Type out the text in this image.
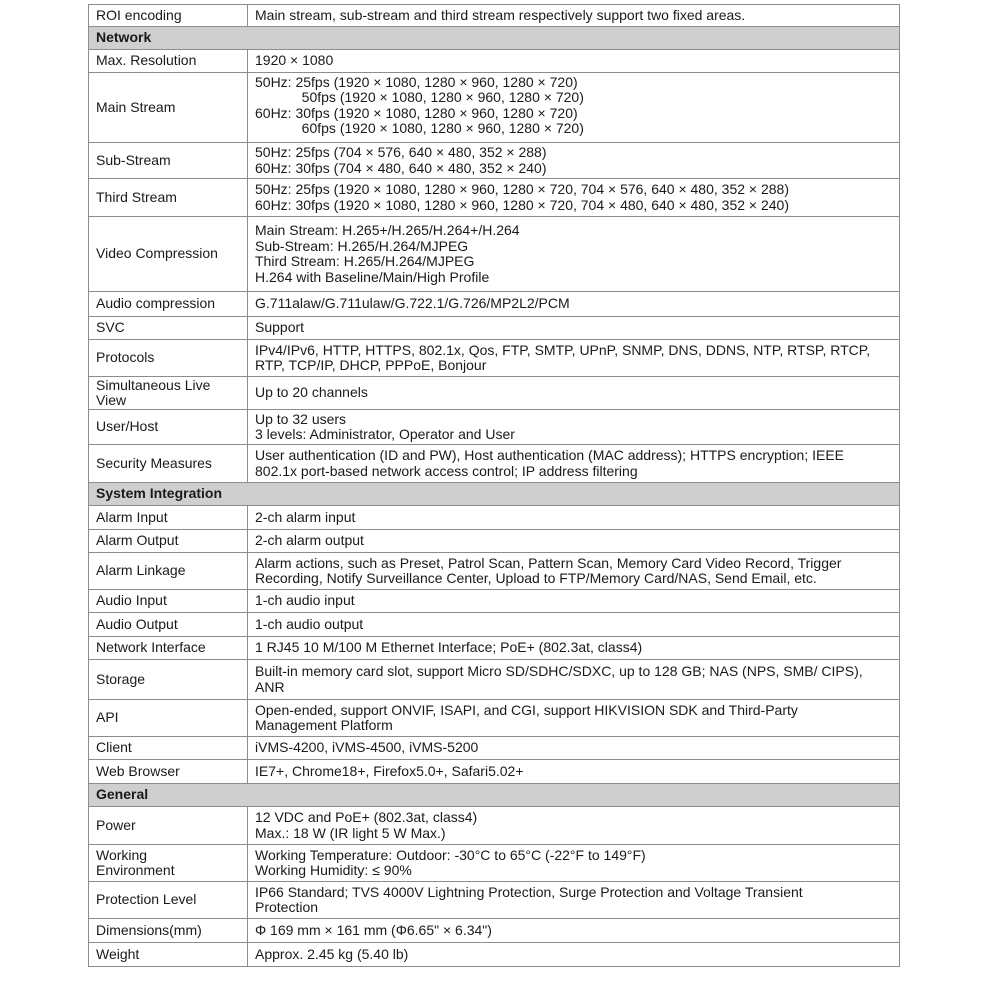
ROI encoding	Main stream, sub-stream and third stream respectively support two fixed areas.

Network	

Max. Resolution	1920 × 1080

Main Stream	50Hz: 25fps (1920 × 1080, 1280 × 960, 1280 × 720)
50fps (1920 × 1080, 1280 × 960, 1280 × 720)
60Hz: 30fps (1920 × 1080, 1280 × 960, 1280 × 720)
60fps (1920 × 1080, 1280 × 960, 1280 × 720)

Sub-Stream	50Hz: 25fps (704 × 576, 640 × 480, 352 × 288)
60Hz: 30fps (704 × 480, 640 × 480, 352 × 240)

Third Stream	50Hz: 25fps (1920 × 1080, 1280 × 960, 1280 × 720, 704 × 576, 640 × 480, 352 × 288)
60Hz: 30fps (1920 × 1080, 1280 × 960, 1280 × 720, 704 × 480, 640 × 480, 352 × 240)

Video Compression	Main Stream: H.265+/H.265/H.264+/H.264
Sub-Stream: H.265/H.264/MJPEG
Third Stream: H.265/H.264/MJPEG
H.264 with Baseline/Main/High Profile

Audio compression	G.711alaw/G.711ulaw/G.722.1/G.726/MP2L2/PCM

SVC	Support

Protocols	IPv4/IPv6, HTTP, HTTPS, 802.1x, Qos, FTP, SMTP, UPnP, SNMP, DNS, DDNS, NTP, RTSP, RTCP,
RTP, TCP/IP, DHCP, PPPoE, Bonjour

Simultaneous Live
View	Up to 20 channels

User/Host	Up to 32 users
3 levels: Administrator, Operator and User

Security Measures	User authentication (ID and PW), Host authentication (MAC address); HTTPS encryption; IEEE
802.1x port-based network access control; IP address filtering

System Integration	

Alarm Input	2-ch alarm input

Alarm Output	2-ch alarm output

Alarm Linkage	Alarm actions, such as Preset, Patrol Scan, Pattern Scan, Memory Card Video Record, Trigger
Recording, Notify Surveillance Center, Upload to FTP/Memory Card/NAS, Send Email, etc.

Audio Input	1-ch audio input

Audio Output	1-ch audio output

Network Interface	1 RJ45 10 M/100 M Ethernet Interface; PoE+ (802.3at, class4)

Storage	Built-in memory card slot, support Micro SD/SDHC/SDXC, up to 128 GB; NAS (NPS, SMB/ CIPS),
ANR

API	Open-ended, support ONVIF, ISAPI, and CGI, support HIKVISION SDK and Third-Party
Management Platform

Client	iVMS-4200, iVMS-4500, iVMS-5200

Web Browser	IE7+, Chrome18+, Firefox5.0+, Safari5.02+

General	

Power	12 VDC and PoE+ (802.3at, class4)
Max.: 18 W (IR light 5 W Max.)

Working
Environment	Working Temperature: Outdoor: -30°C to 65°C (-22°F to 149°F)
Working Humidity: ≤ 90%

Protection Level	IP66 Standard; TVS 4000V Lightning Protection, Surge Protection and Voltage Transient
Protection

Dimensions(mm)	Φ 169 mm × 161 mm (Φ6.65" × 6.34")

Weight	Approx. 2.45 kg (5.40 lb)
